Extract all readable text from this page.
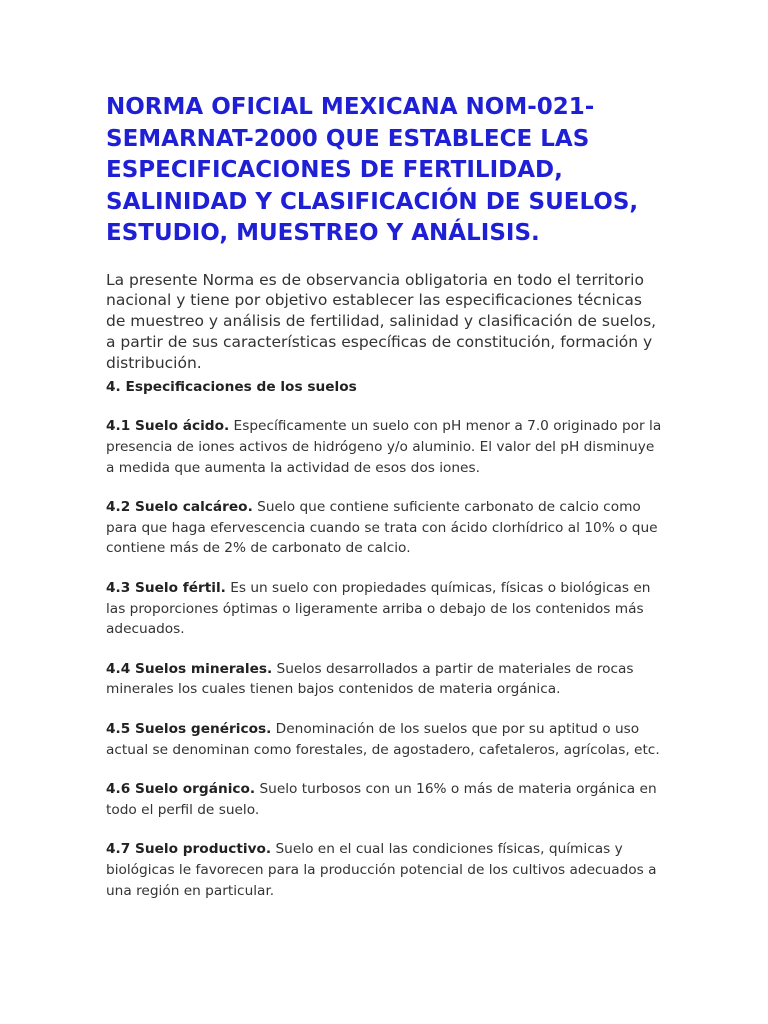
NORMA OFICIAL MEXICANA NOM-021-SEMARNAT-2000 QUE ESTABLECE LAS ESPECIFICACIONES DE FERTILIDAD, SALINIDAD Y CLASIFICACIÓN DE SUELOS, ESTUDIO, MUESTREO Y ANÁLISIS.

La presente Norma es de observancia obligatoria en todo el territorio nacional y tiene por objetivo establecer las especificaciones técnicas de muestreo y análisis de fertilidad, salinidad y clasificación de suelos, a partir de sus características específicas de constitución, formación y distribución.

4. Especificaciones de los suelos

4.1 Suelo ácido. Específicamente un suelo con pH menor a 7.0 originado por la presencia de iones activos de hidrógeno y/o aluminio. El valor del pH disminuye a medida que aumenta la actividad de esos dos iones.

4.2 Suelo calcáreo. Suelo que contiene suficiente carbonato de calcio como para que haga efervescencia cuando se trata con ácido clorhídrico al 10% o que contiene más de 2% de carbonato de calcio.

4.3 Suelo fértil. Es un suelo con propiedades químicas, físicas o biológicas en las proporciones óptimas o ligeramente arriba o debajo de los contenidos más adecuados.

4.4 Suelos minerales. Suelos desarrollados a partir de materiales de rocas minerales los cuales tienen bajos contenidos de materia orgánica.

4.5 Suelos genéricos. Denominación de los suelos que por su aptitud o uso actual se denominan como forestales, de agostadero, cafetaleros, agrícolas, etc.

4.6 Suelo orgánico. Suelo turbosos con un 16% o más de materia orgánica en todo el perfil de suelo.

4.7 Suelo productivo. Suelo en el cual las condiciones físicas, químicas y biológicas le favorecen para la producción potencial de los cultivos adecuados a una región en particular.
